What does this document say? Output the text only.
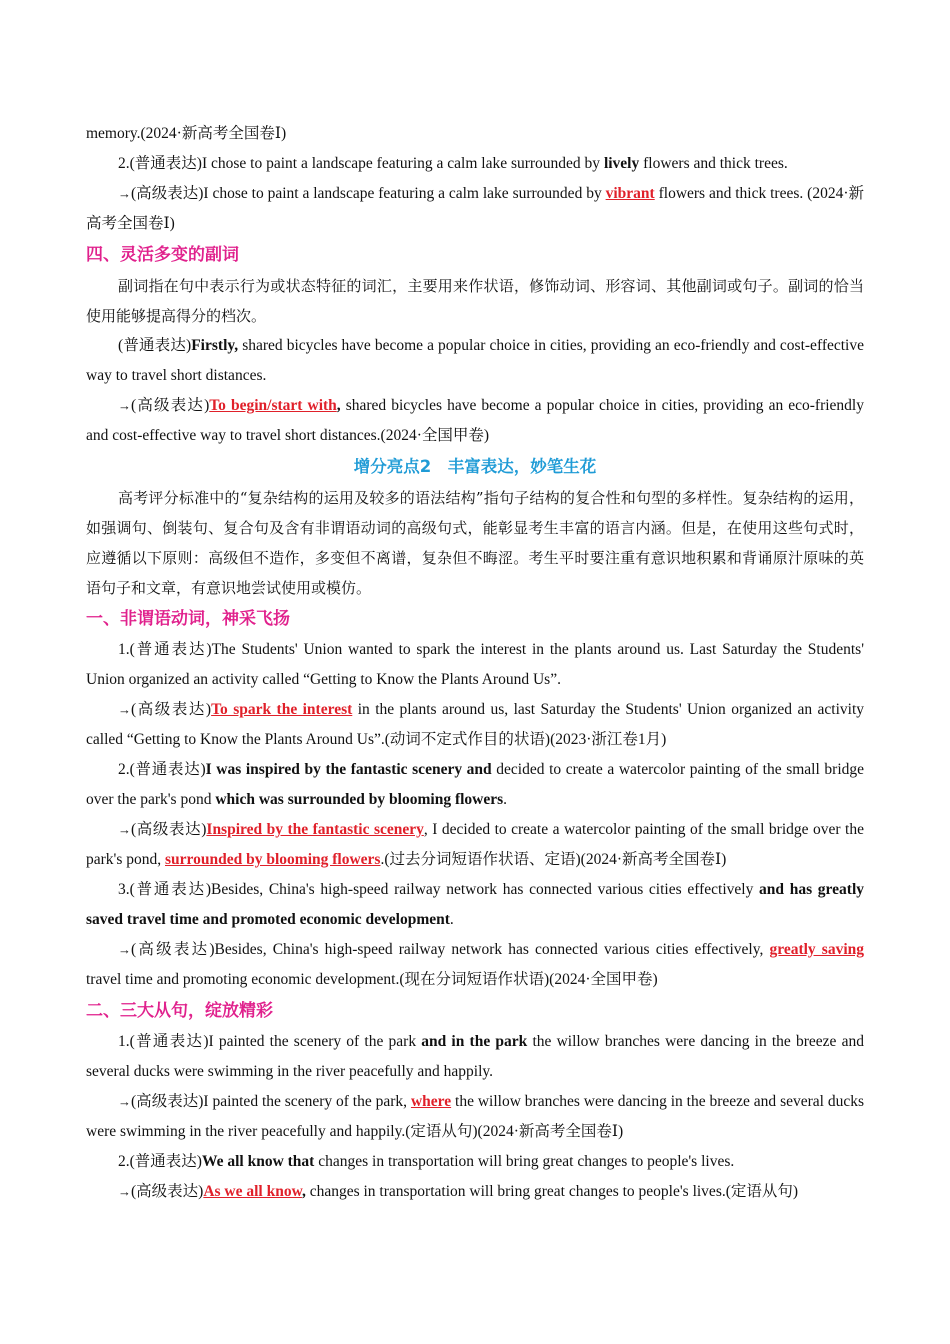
memory.(2024·新高考全国卷Ⅰ)

2.(普通表达)I chose to paint a landscape featuring a calm lake surrounded by lively flowers and thick trees.

→(高级表达)I chose to paint a landscape featuring a calm lake surrounded by vibrant flowers and thick trees. (2024·新高考全国卷Ⅰ)

四、灵活多变的副词

副词指在句中表示行为或状态特征的词汇，主要用来作状语，修饰动词、形容词、其他副词或句子。副词的恰当使用能够提高得分的档次。

(普通表达)Firstly, shared bicycles have become a popular choice in cities, providing an eco-friendly and cost-effective way to travel short distances.

→(高级表达)To begin/start with, shared bicycles have become a popular choice in cities, providing an eco-friendly and cost-effective way to travel short distances.(2024·全国甲卷)

增分亮点2　丰富表达，妙笔生花

高考评分标准中的“复杂结构的运用及较多的语法结构”指句子结构的复合性和句型的多样性。复杂结构的运用，如强调句、倒装句、复合句及含有非谓语动词的高级句式，能彰显考生丰富的语言内涵。但是，在使用这些句式时，应遵循以下原则：高级但不造作，多变但不离谱，复杂但不晦涩。考生平时要注重有意识地积累和背诵原汁原味的英语句子和文章，有意识地尝试使用或模仿。

一、非谓语动词，神采飞扬

1.(普通表达)The Students' Union wanted to spark the interest in the plants around us. Last Saturday the Students' Union organized an activity called “Getting to Know the Plants Around Us”.

→(高级表达)To spark the interest in the plants around us, last Saturday the Students' Union organized an activity called “Getting to Know the Plants Around Us”.(动词不定式作目的状语)(2023·浙江卷1月)

2.(普通表达)I was inspired by the fantastic scenery and decided to create a watercolor painting of the small bridge over the park's pond which was surrounded by blooming flowers.

→(高级表达)Inspired by the fantastic scenery, I decided to create a watercolor painting of the small bridge over the park's pond, surrounded by blooming flowers.(过去分词短语作状语、定语)(2024·新高考全国卷Ⅰ)

3.(普通表达)Besides, China's high-speed railway network has connected various cities effectively and has greatly saved travel time and promoted economic development.

→(高级表达)Besides, China's high-speed railway network has connected various cities effectively, greatly saving travel time and promoting economic development.(现在分词短语作状语)(2024·全国甲卷)

二、三大从句，绽放精彩

1.(普通表达)I painted the scenery of the park and in the park the willow branches were dancing in the breeze and several ducks were swimming in the river peacefully and happily.

→(高级表达)I painted the scenery of the park, where the willow branches were dancing in the breeze and several ducks were swimming in the river peacefully and happily.(定语从句)(2024·新高考全国卷Ⅰ)

2.(普通表达)We all know that changes in transportation will bring great changes to people's lives.

→(高级表达)As we all know, changes in transportation will bring great changes to people's lives.(定语从句)
